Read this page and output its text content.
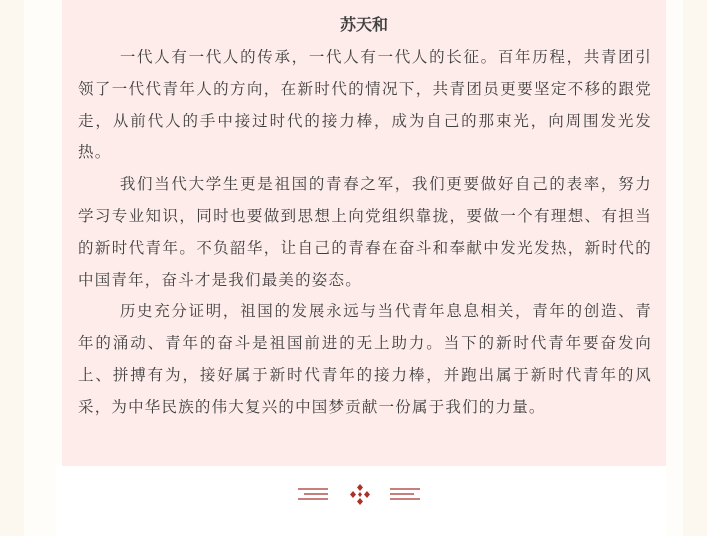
苏天和

一代人有一代人的传承，一代人有一代人的长征。百年历程，共青团引领了一代代青年人的方向，在新时代的情况下，共青团员更要坚定不移的跟党走，从前代人的手中接过时代的接力棒，成为自己的那束光，向周围发光发热。

我们当代大学生更是祖国的青春之军，我们更要做好自己的表率，努力学习专业知识，同时也要做到思想上向党组织靠拢，要做一个有理想、有担当的新时代青年。不负韶华，让自己的青春在奋斗和奉献中发光发热，新时代的中国青年，奋斗才是我们最美的姿态。

历史充分证明，祖国的发展永远与当代青年息息相关，青年的创造、青年的涌动、青年的奋斗是祖国前进的无上助力。当下的新时代青年要奋发向上、拼搏有为，接好属于新时代青年的接力棒，并跑出属于新时代青年的风采，为中华民族的伟大复兴的中国梦贡献一份属于我们的力量。
